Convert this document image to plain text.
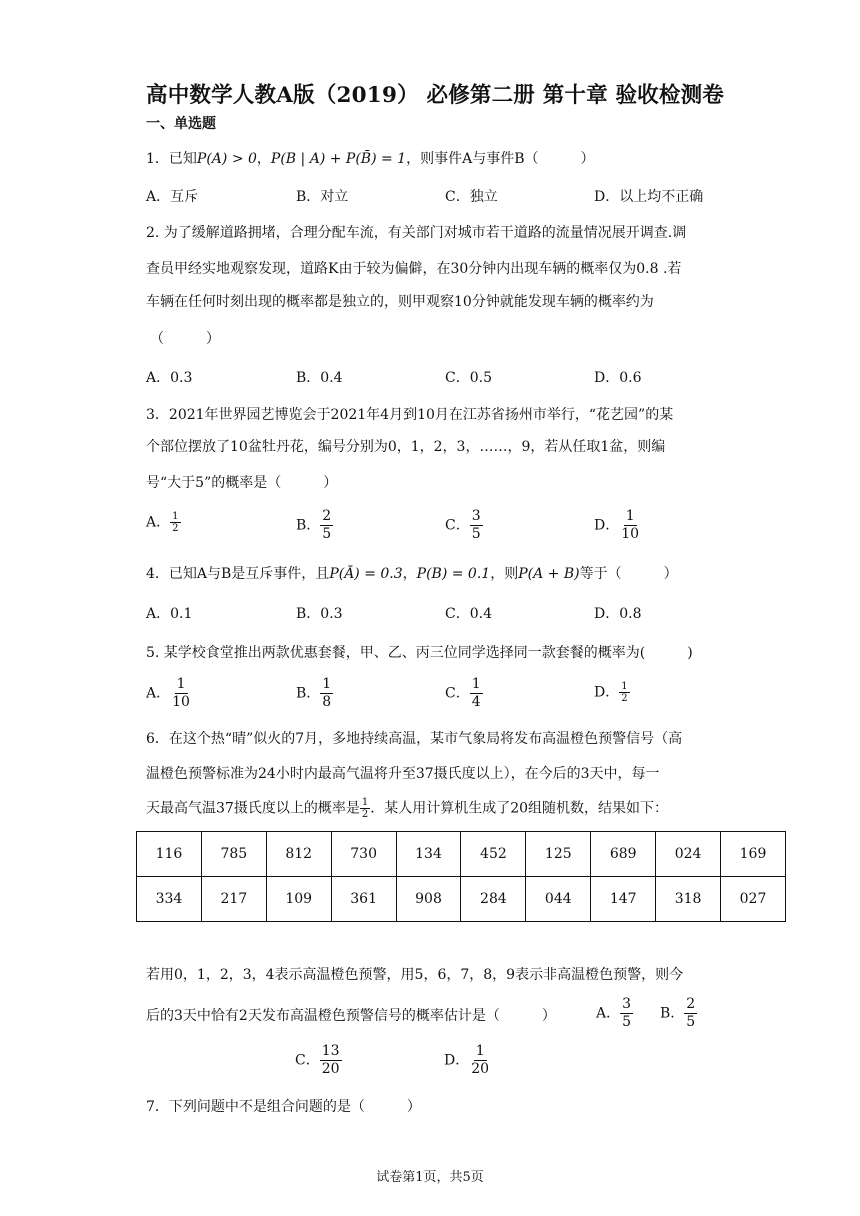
高中数学人教A版（2019） 必修第二册 第十章 验收检测卷
一、单选题
1．已知P(A) > 0，P(B | A) + P(B̄) = 1，则事件A与事件B（　　　）
A．互斥	B．对立	C．独立	D．以上均不正确
2. 为了缓解道路拥堵，合理分配车流，有关部门对城市若干道路的流量情况展开调查.调
查员甲经实地观察发现，道路K由于较为偏僻，在30分钟内出现车辆的概率仅为0.8 .若
车辆在任何时刻出现的概率都是独立的，则甲观察10分钟就能发现车辆的概率约为
（　　　）
A．0.3	B．0.4	C．0.5	D．0.6
3．2021年世界园艺博览会于2021年4月到10月在江苏省扬州市举行，“花艺园”的某
个部位摆放了10盆牡丹花，编号分别为0，1，2，3，……，9，若从任取1盆，则编
号“大于5”的概率是（　　　）
A． $\frac{1}{2}$	B． $\frac{2}{5}$	C． $\frac{3}{5}$	D． $\frac{1}{10}$
4．已知A与B是互斥事件，且P(Ā) = 0.3，P(B) = 0.1，则P(A + B)等于（　　　）
A．0.1	B．0.3	C．0.4	D．0.8
5. 某学校食堂推出两款优惠套餐，甲、乙、丙三位同学选择同一款套餐的概率为(　　　)
A． $\frac{1}{10}$	B． $\frac{1}{8}$	C． $\frac{1}{4}$	D． $\frac{1}{2}$
6．在这个热“晴”似火的7月，多地持续高温，某市气象局将发布高温橙色预警信号（高
温橙色预警标准为24小时内最高气温将升至37摄氏度以上），在今后的3天中，每一
天最高气温37摄氏度以上的概率是 $\frac{1}{2}$ ．某人用计算机生成了20组随机数，结果如下：
116	785	812	730	134	452	125	689	024	169
334	217	109	361	908	284	044	147	318	027
若用0，1，2，3，4表示高温橙色预警，用5，6，7，8，9表示非高温橙色预警，则今
后的3天中恰有2天发布高温橙色预警信号的概率估计是（　　　）	A． $\frac{3}{5}$ B． $\frac{2}{5}$
C． $\frac{13}{20}$	D． $\frac{1}{20}$
7．下列问题中不是组合问题的是（　　　）
试卷第1页，共5页
